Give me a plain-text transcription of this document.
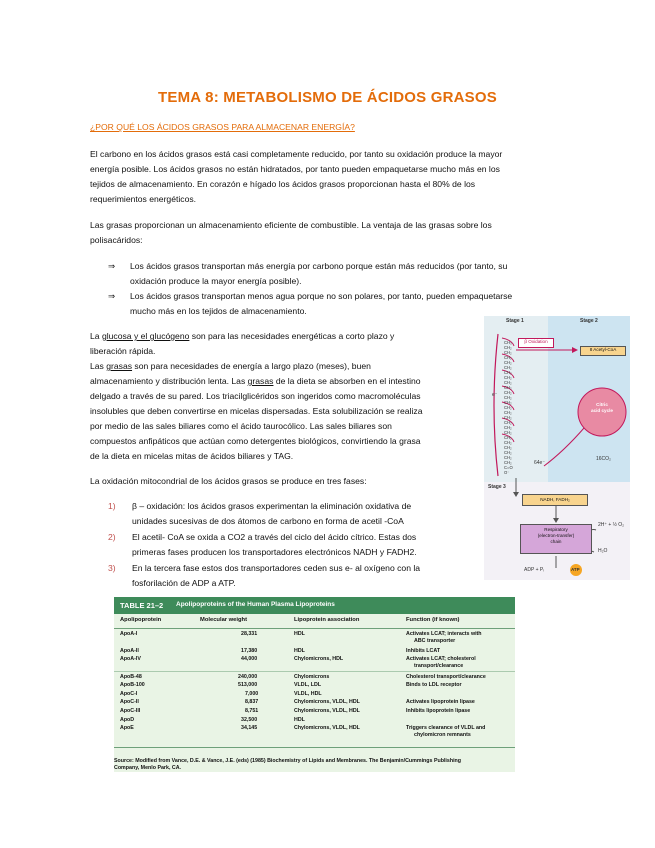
TEMA 8: METABOLISMO DE ÁCIDOS GRASOS
¿POR QUÉ LOS ÁCIDOS GRASOS PARA ALMACENAR ENERGÍA?
El carbono en los ácidos grasos está casi completamente reducido, por tanto su oxidación produce la mayor
energía posible. Los ácidos grasos no están hidratados, por tanto pueden empaquetarse mucho más en los
tejidos de almacenamiento. En corazón e hígado los ácidos grasos proporcionan hasta el 80% de los
requerimientos energéticos.
Las grasas proporcionan un almacenamiento eficiente de combustible. La ventaja de las grasas sobre los
polisacáridos:
⇒ Los ácidos grasos transportan más energía por carbono porque están más reducidos (por tanto, su
oxidación produce la mayor energía posible).
⇒ Los ácidos grasos transportan menos agua porque no son polares, por tanto, pueden empaquetarse
mucho más en los tejidos de almacenamiento.
La glucosa y el glucógeno son para las necesidades energéticas a corto plazo y
liberación rápida.
Las grasas son para necesidades de energía a largo plazo (meses), buen
almacenamiento y distribución lenta. Las grasas de la dieta se absorben en el intestino
delgado a través de su pared. Los triacilglicéridos son ingeridos como macromoléculas
insolubles que deben convertirse en micelas dispersadas. Esta solubilización se realiza
por medio de las sales biliares como el ácido taurocólico. Las sales biliares son
compuestos anfipáticos que actúan como detergentes biológicos, convirtiendo la grasa
de la dieta en micelas mitas de ácidos biliares y TAG.
La oxidación mitocondrial de los ácidos grasos se produce en tres fases:
1) β – oxidación: los ácidos grasos experimentan la eliminación oxidativa de
unidades sucesivas de dos átomos de carbono en forma de acetil -CoA
2) El acetil- CoA se oxida a CO2 a través del ciclo del ácido cítrico. Estas dos
primeras fases producen los transportadores electrónicos NADH y FADH2.
3) En la tercera fase estos dos transportadores ceden sus e- al oxígeno con la
fosforilación de ADP a ATP.
Stage 1	Stage 2
Stage 3
β Oxidation
8 Acetyl-CoA
Citric
acid cycle
64e⁻
16CO₂
CH₃
CH₂
CH₂
CH₂
CH₂
CH₂
CH₂
CH₂
CH₂
CH₂
CH₂
CH₂
CH₂
CH₂
CH₂
CH₂
CH₂
CH₂
CH₂
CH₂
CH₂
CH₂
CH₂
CH₂
CH₂
C=O
O⁻
e⁻
NADH, FADH₂
Respiratory
(electron-transfer)
chain
2H⁺ + ½ O₂
H₂O
ADP + Pᵢ	ATP
TABLE 21–2 Apolipoproteins of the Human Plasma Lipoproteins
Apolipoprotein	Molecular weight	Lipoprotein association	Function (if known)
ApoA-I	28,331	HDL	Activates LCAT; interacts with
ABC transporter
ApoA-II	17,380	HDL	Inhibits LCAT
ApoA-IV	44,000	Chylomicrons, HDL	Activates LCAT; cholesterol
transport/clearance
ApoB-48	240,000	Chylomicrons	Cholesterol transport/clearance
ApoB-100	513,000	VLDL, LDL	Binds to LDL receptor
ApoC-I	7,000	VLDL, HDL
ApoC-II	8,837	Chylomicrons, VLDL, HDL	Activates lipoprotein lipase
ApoC-III	8,751	Chylomicrons, VLDL, HDL	Inhibits lipoprotein lipase
ApoD	32,500	HDL
ApoE	34,145	Chylomicrons, VLDL, HDL	Triggers clearance of VLDL and
chylomicron remnants
Source: Modified from Vance, D.E. & Vance, J.E. (eds) (1985) Biochemistry of Lipids and Membranes. The Benjamin/Cummings Publishing
Company, Menlo Park, CA.
